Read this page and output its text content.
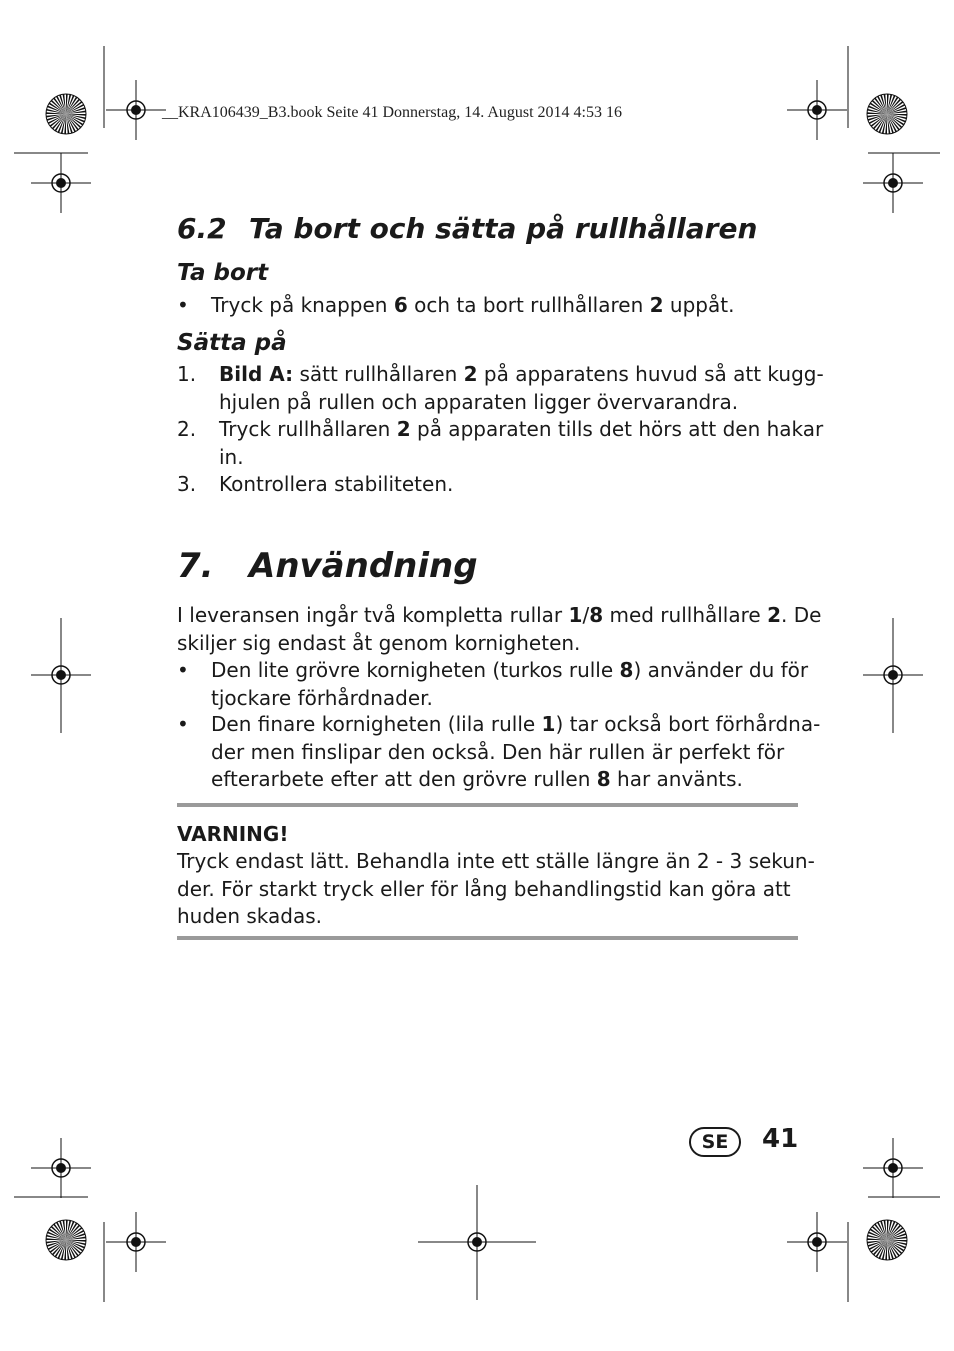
__KRA106439_B3.book Seite 41 Donnerstag, 14. August 2014 4:53 16
6.2 Ta bort och sätta på rullhållaren
Ta bort
• Tryck på knappen 6 och ta bort rullhållaren 2 uppåt.
Sätta på
1. Bild A: sätt rullhållaren 2 på apparatens huvud så att kugg-
hjulen på rullen och apparaten ligger övervarandra.
2. Tryck rullhållaren 2 på apparaten tills det hörs att den hakar
in.
3. Kontrollera stabiliteten.
7. Användning
I leveransen ingår två kompletta rullar 1/8 med rullhållare 2. De
skiljer sig endast åt genom kornigheten.
• Den lite grövre kornigheten (turkos rulle 8) använder du för
tjockare förhårdnader.
• Den finare kornigheten (lila rulle 1) tar också bort förhårdna-
der men finslipar den också. Den här rullen är perfekt för
efterarbete efter att den grövre rullen 8 har använts.
VARNING!
Tryck endast lätt. Behandla inte ett ställe längre än 2 - 3 sekun-
der. För starkt tryck eller för lång behandlingstid kan göra att
huden skadas.
SE	41
